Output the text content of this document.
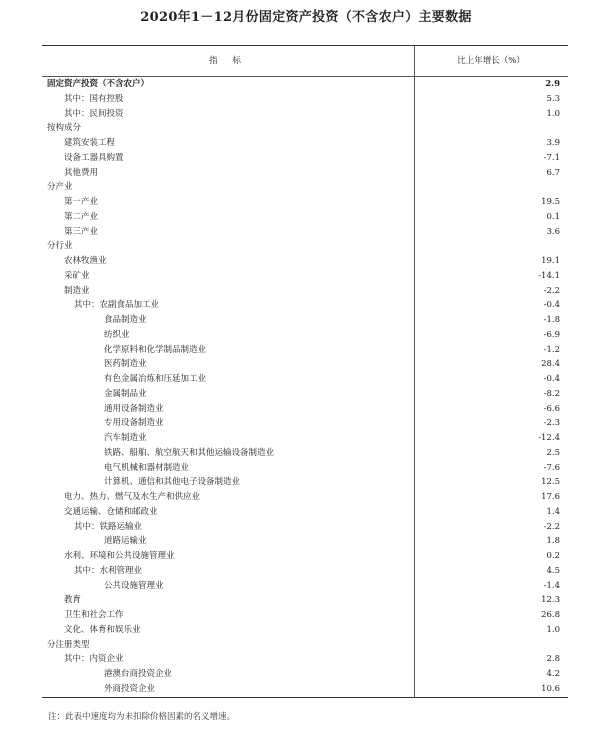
2020年1－12月份固定资产投资（不含农户）主要数据
指 标	比上年增长（%）
固定资产投资（不含农户）	2.9
其中：国有控股	5.3
其中：民间投资	1.0
按构成分
建筑安装工程	3.9
设备工器具购置	-7.1
其他费用	6.7
分产业
第一产业	19.5
第二产业	0.1
第三产业	3.6
分行业
农林牧渔业	19.1
采矿业	-14.1
制造业	-2.2
其中：农副食品加工业	-0.4
食品制造业	-1.8
纺织业	-6.9
化学原料和化学制品制造业	-1.2
医药制造业	28.4
有色金属冶炼和压延加工业	-0.4
金属制品业	-8.2
通用设备制造业	-6.6
专用设备制造业	-2.3
汽车制造业	-12.4
铁路、船舶、航空航天和其他运输设备制造业	2.5
电气机械和器材制造业	-7.6
计算机、通信和其他电子设备制造业	12.5
电力、热力、燃气及水生产和供应业	17.6
交通运输、仓储和邮政业	1.4
其中：铁路运输业	-2.2
道路运输业	1.8
水利、环境和公共设施管理业	0.2
其中：水利管理业	4.5
公共设施管理业	-1.4
教育	12.3
卫生和社会工作	26.8
文化、体育和娱乐业	1.0
分注册类型
其中：内资企业	2.8
港澳台商投资企业	4.2
外商投资企业	10.6
注：此表中速度均为未扣除价格因素的名义增速。
